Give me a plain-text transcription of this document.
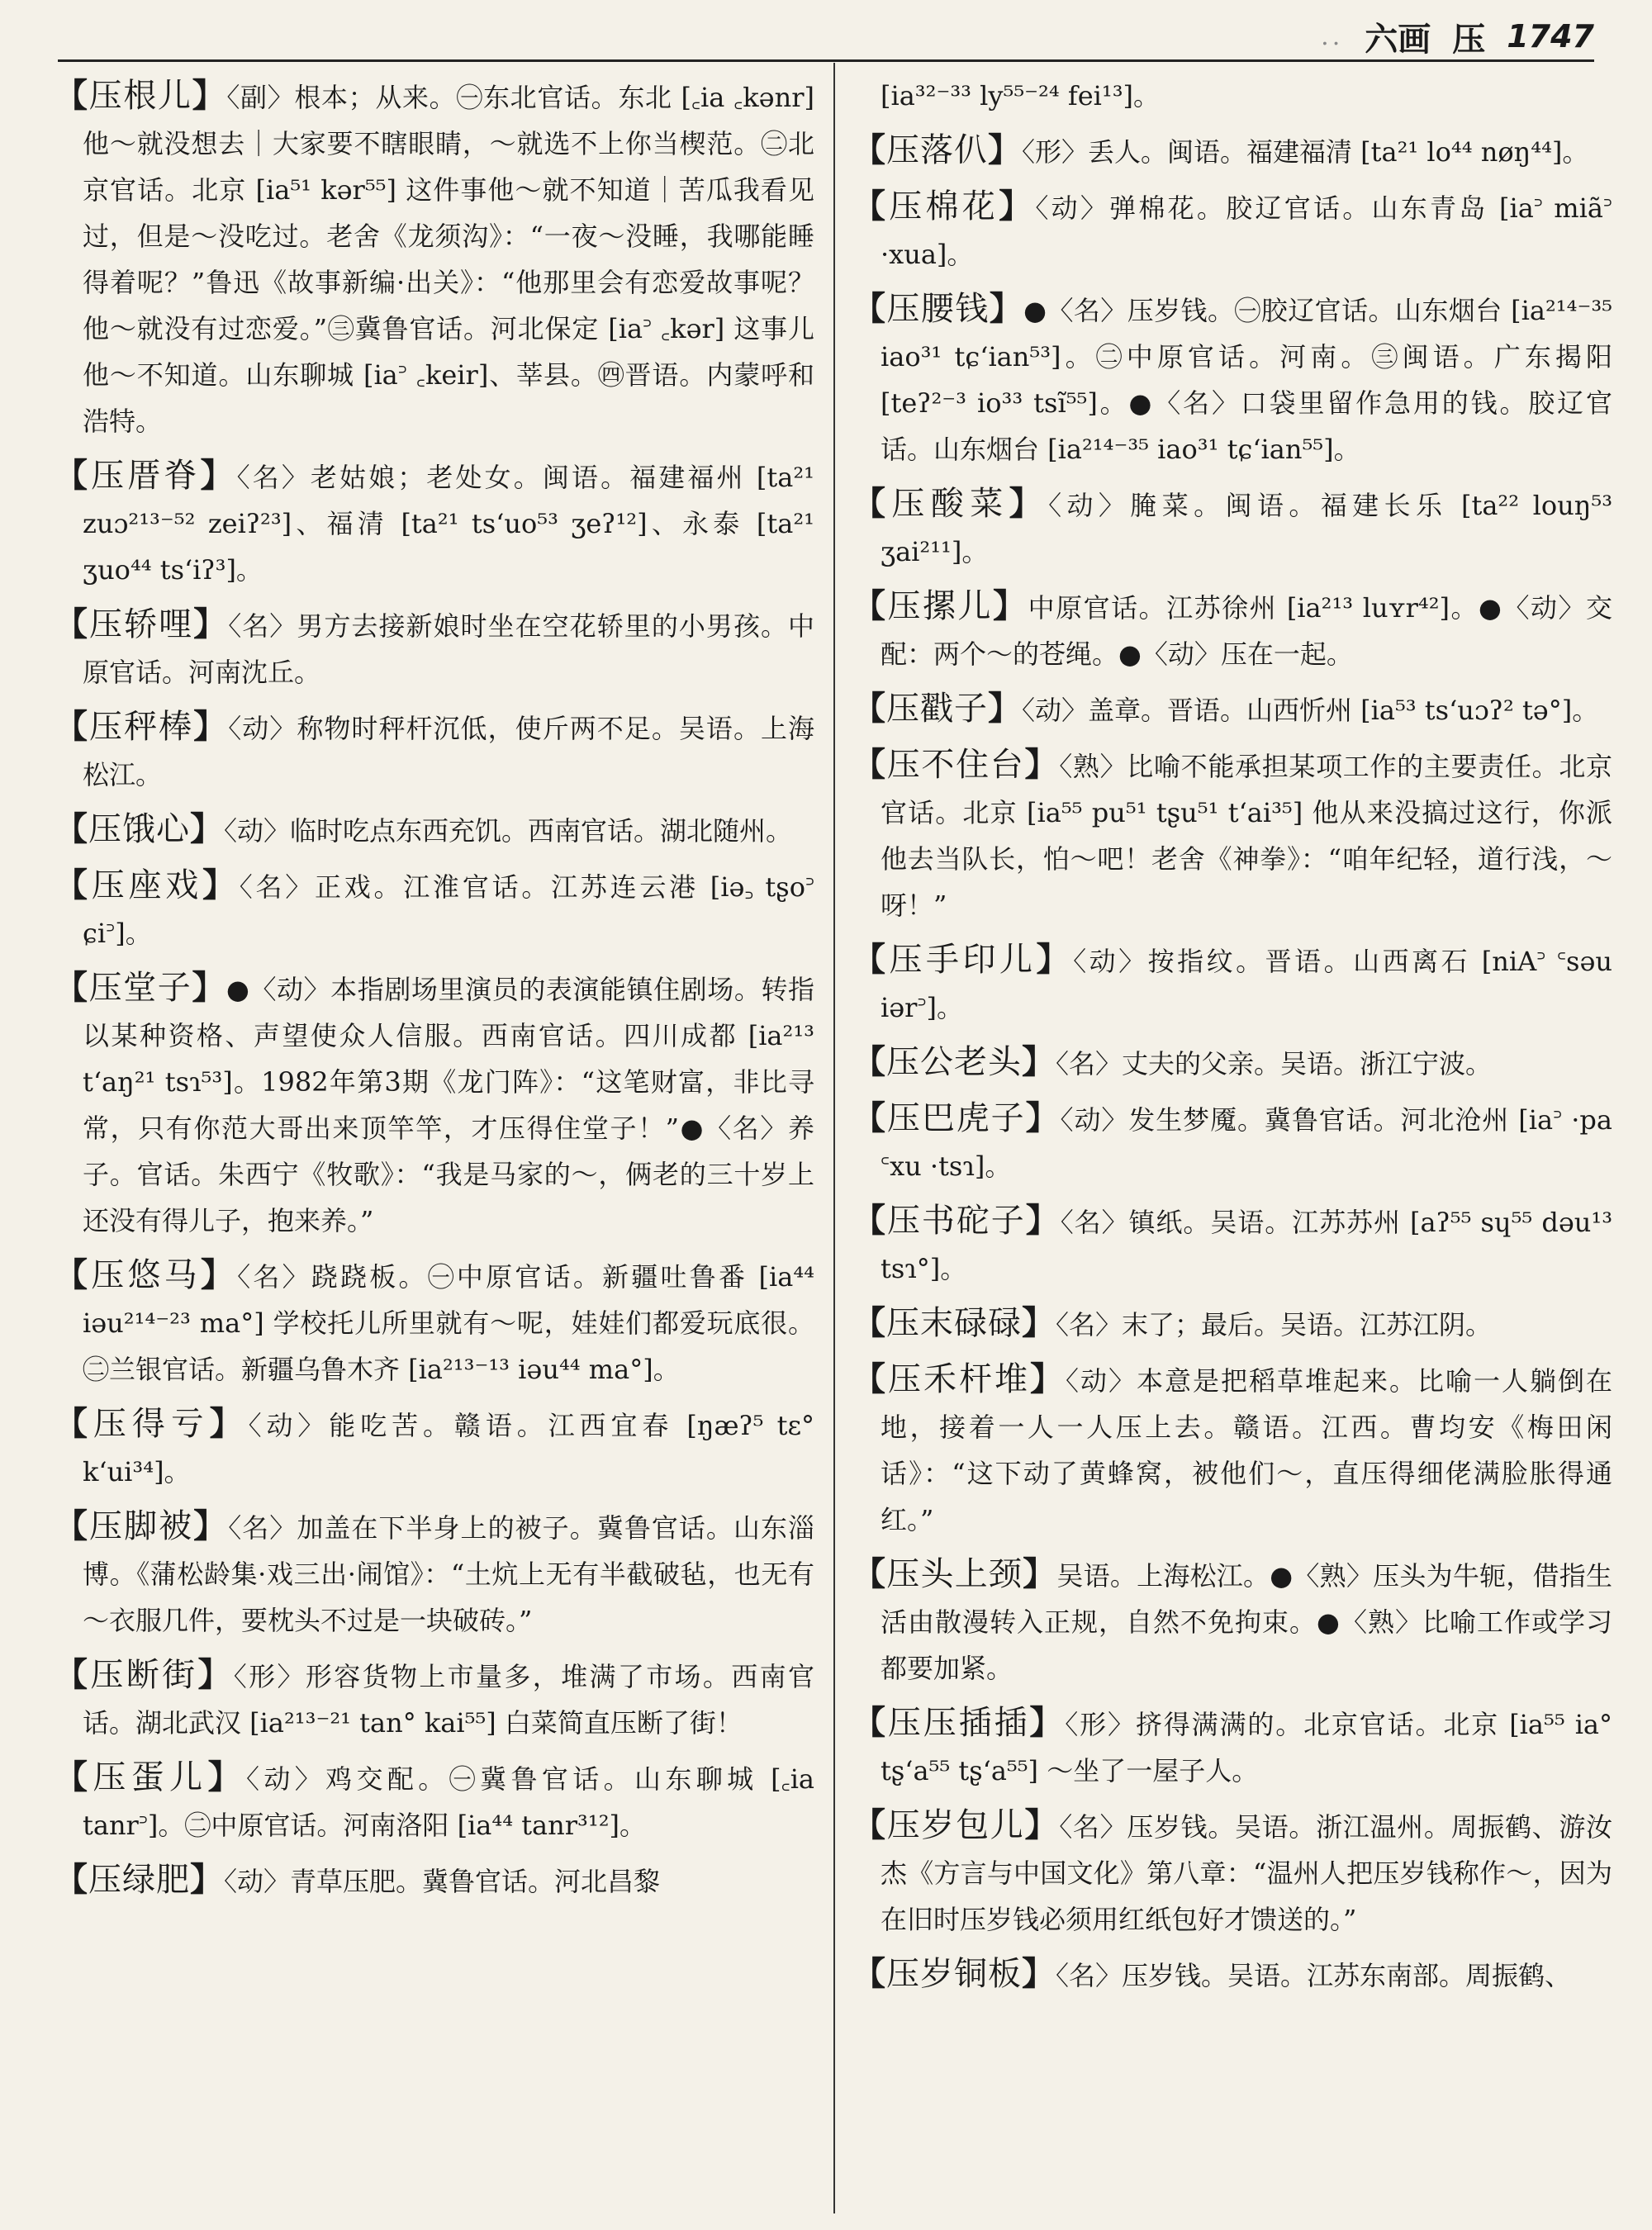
.. 六画 压 1747

【压根儿】〈副〉根本；从来。㊀东北官话。东北 [꜀ia ꜀kənr] 他～就没想去｜大家要不瞎眼睛，～就选不上你当楔范。㊁北京官话。北京 [ia⁵¹ kər⁵⁵] 这件事他～就不知道｜苦瓜我看见过，但是～没吃过。老舍《龙须沟》：“一夜～没睡，我哪能睡得着呢？”鲁迅《故事新编·出关》：“他那里会有恋爱故事呢？他～就没有过恋爱。”㊂冀鲁官话。河北保定 [ia꜄ ꜀kər] 这事儿他～不知道。山东聊城 [ia꜄ ꜀keir]、莘县。㊃晋语。内蒙呼和浩特。

【压厝脊】〈名〉老姑娘；老处女。闽语。福建福州 [ta²¹ zuɔ²¹³⁻⁵² zeiʔ²³]、福清 [ta²¹ ts‘uo⁵³ ʒeʔ¹²]、永泰 [ta²¹ ʒuo⁴⁴ ts‘iʔ³]。

【压轿哩】〈名〉男方去接新娘时坐在空花轿里的小男孩。中原官话。河南沈丘。

【压秤棒】〈动〉称物时秤杆沉低，使斤两不足。吴语。上海松江。

【压饿心】〈动〉临时吃点东西充饥。西南官话。湖北随州。

【压座戏】〈名〉正戏。江淮官话。江苏连云港 [iə꜆ tʂo꜄ ɕi꜄]。

【压堂子】●〈动〉本指剧场里演员的表演能镇住剧场。转指以某种资格、声望使众人信服。西南官话。四川成都 [ia²¹³ t‘aŋ²¹ tsɿ⁵³]。1982年第3期《龙门阵》：“这笔财富，非比寻常，只有你范大哥出来顶竿竿，才压得住堂子！”●〈名〉养子。官话。朱西宁《牧歌》：“我是马家的～，俩老的三十岁上还没有得儿子，抱来养。”

【压悠马】〈名〉跷跷板。㊀中原官话。新疆吐鲁番 [ia⁴⁴ iəu²¹⁴⁻²³ ma°] 学校托儿所里就有～呢，娃娃们都爱玩底很。㊁兰银官话。新疆乌鲁木齐 [ia²¹³⁻¹³ iəu⁴⁴ ma°]。

【压得亏】〈动〉能吃苦。赣语。江西宜春 [ŋæʔ⁵ tɛ° k‘ui³⁴]。

【压脚被】〈名〉加盖在下半身上的被子。冀鲁官话。山东淄博。《蒲松龄集·戏三出·闹馆》：“土炕上无有半截破毡，也无有～衣服几件，要枕头不过是一块破砖。”

【压断街】〈形〉形容货物上市量多，堆满了市场。西南官话。湖北武汉 [ia²¹³⁻²¹ tan° kai⁵⁵] 白菜简直压断了街！

【压蛋儿】〈动〉鸡交配。㊀冀鲁官话。山东聊城 [꜀ia tanr꜄]。㊁中原官话。河南洛阳 [ia⁴⁴ tanr³¹²]。

【压绿肥】〈动〉青草压肥。冀鲁官话。河北昌黎

[ia³²⁻³³ ly⁵⁵⁻²⁴ fei¹³]。

【压落仈】〈形〉丢人。闽语。福建福清 [ta²¹ lo⁴⁴ nøŋ⁴⁴]。

【压棉花】〈动〉弹棉花。胶辽官话。山东青岛 [ia꜄ miã꜄ ·xua]。

【压腰钱】●〈名〉压岁钱。㊀胶辽官话。山东烟台 [ia²¹⁴⁻³⁵ iao³¹ tɕ‘ian⁵³]。㊁中原官话。河南。㊂闽语。广东揭阳 [teʔ²⁻³ io³³ tsĩ⁵⁵]。●〈名〉口袋里留作急用的钱。胶辽官话。山东烟台 [ia²¹⁴⁻³⁵ iao³¹ tɕ‘ian⁵⁵]。

【压酸菜】〈动〉腌菜。闽语。福建长乐 [ta²² louŋ⁵³ ʒai²¹¹]。

【压摞儿】中原官话。江苏徐州 [ia²¹³ luʏr⁴²]。●〈动〉交配：两个～的苍绳。●〈动〉压在一起。

【压戳子】〈动〉盖章。晋语。山西忻州 [ia⁵³ ts‘uɔʔ² tə°]。

【压不住台】〈熟〉比喻不能承担某项工作的主要责任。北京官话。北京 [ia⁵⁵ pu⁵¹ tʂu⁵¹ t‘ai³⁵] 他从来没搞过这行，你派他去当队长，怕～吧！老舍《神拳》：“咱年纪轻，道行浅，～呀！”

【压手印儿】〈动〉按指纹。晋语。山西离石 [niA꜄ ꜂səu iər꜄]。

【压公老头】〈名〉丈夫的父亲。吴语。浙江宁波。

【压巴虎子】〈动〉发生梦魇。冀鲁官话。河北沧州 [ia꜄ ·pa ꜂xu ·tsɿ]。

【压书砣子】〈名〉镇纸。吴语。江苏苏州 [aʔ⁵⁵ sɥ⁵⁵ dəu¹³ tsɿ°]。

【压末碌碌】〈名〉末了；最后。吴语。江苏江阴。

【压禾杆堆】〈动〉本意是把稻草堆起来。比喻一人躺倒在地，接着一人一人压上去。赣语。江西。曹均安《梅田闲话》：“这下动了黄蜂窝，被他们～，直压得细佬满脸胀得通红。”

【压头上颈】吴语。上海松江。●〈熟〉压头为牛轭，借指生活由散漫转入正规，自然不免拘束。●〈熟〉比喻工作或学习都要加紧。

【压压插插】〈形〉挤得满满的。北京官话。北京 [ia⁵⁵ ia° tʂ‘a⁵⁵ tʂ‘a⁵⁵] ～坐了一屋子人。

【压岁包儿】〈名〉压岁钱。吴语。浙江温州。周振鹤、游汝杰《方言与中国文化》第八章：“温州人把压岁钱称作～，因为在旧时压岁钱必须用红纸包好才馈送的。”

【压岁铜板】〈名〉压岁钱。吴语。江苏东南部。周振鹤、
